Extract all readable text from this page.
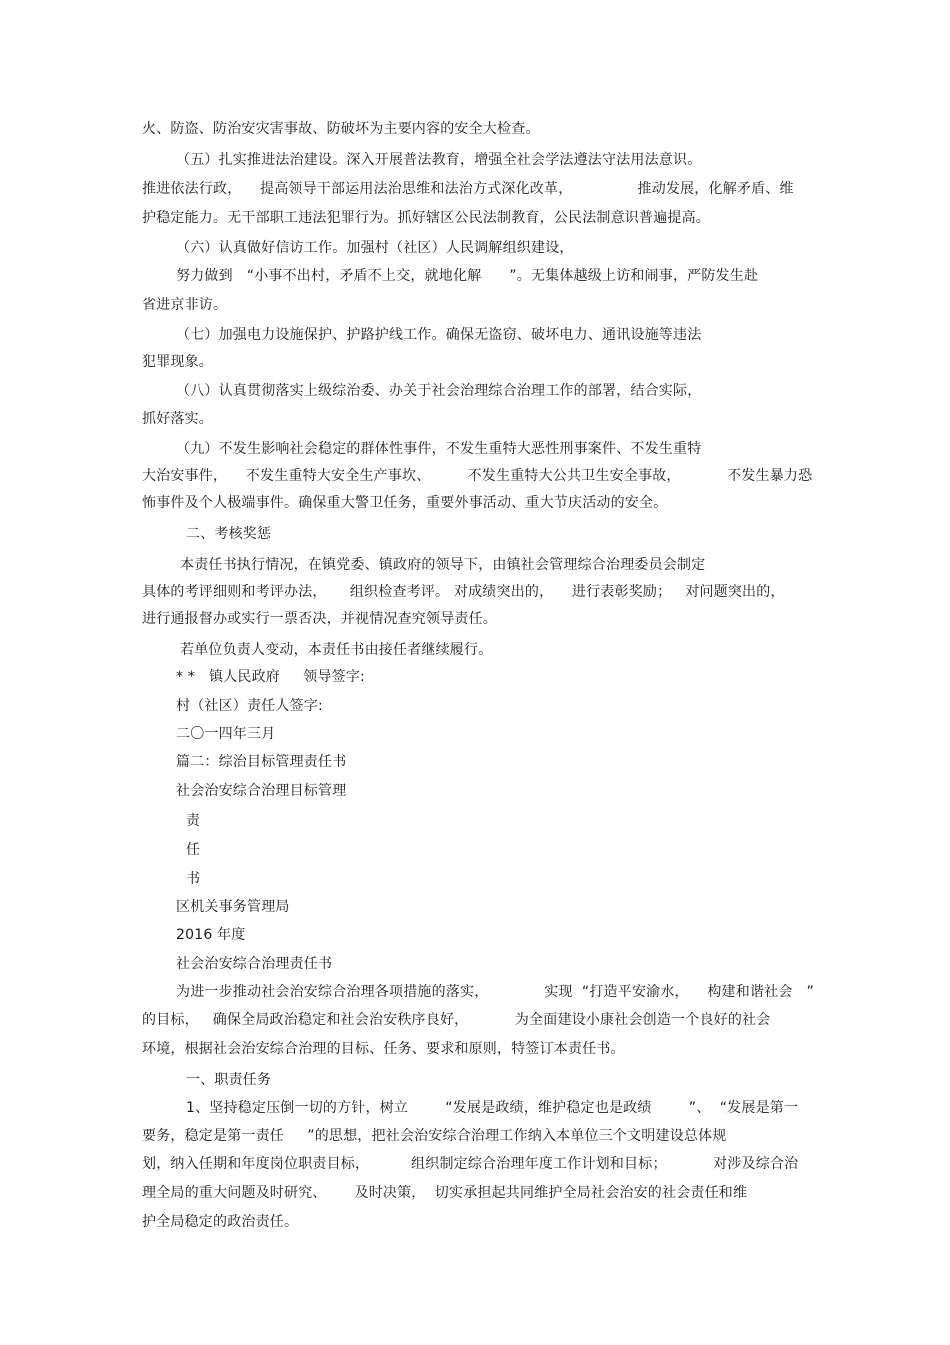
火、防盗、防治安灾害事故、防破坏为主要内容的安全大检查。
（五）扎实推进法治建设。深入开展普法教育，增强全社会学法遵法守法用法意识。
推进依法行政，    提高领导干部运用法治思维和法治方式深化改革，              推动发展，化解矛盾、维
护稳定能力。无干部职工违法犯罪行为。抓好辖区公民法制教育，公民法制意识普遍提高。
（六）认真做好信访工作。加强村（社区）人民调解组织建设，
努力做到   “小事不出村，矛盾不上交，就地化解      ”。无集体越级上访和闹事，严防发生赴
省进京非访。
（七）加强电力设施保护、护路护线工作。确保无盗窃、破坏电力、通讯设施等违法
犯罪现象。
（八）认真贯彻落实上级综治委、办关于社会治理综合治理工作的部署，结合实际，
抓好落实。
（九）不发生影响社会稳定的群体性事件，不发生重特大恶性刑事案件、不发生重特
大治安事件，    不发生重特大安全生产事坎、        不发生重特大公共卫生安全事故，          不发生暴力恐
怖事件及个人极端事件。确保重大警卫任务，重要外事活动、重大节庆活动的安全。
二、考核奖惩
本责任书执行情况，在镇党委、镇政府的领导下，由镇社会管理综合治理委员会制定
具体的考评细则和考评办法，     组织检查考评。 对成绩突出的，    进行表彰奖励；   对问题突出的，
进行通报督办或实行一票否决，并视情况查究领导责任。
若单位负责人变动，本责任书由接任者继续履行。
* *   镇人民政府     领导签字:
村（社区）责任人签字:
二〇一四年三月
篇二：综治目标管理责任书
社会治安综合治理目标管理
责
任
书
区机关事务管理局
2016 年度
社会治安综合治理责任书
为进一步推动社会治安综合治理各项措施的落实，            实现  “打造平安渝水，    构建和谐社会   ”
的目标，   确保全局政治稳定和社会治安秩序良好，          为全面建设小康社会创造一个良好的社会
环境，根据社会治安综合治理的目标、任务、要求和原则，特签订本责任书。
一、职责任务
1、坚持稳定压倒一切的方针，树立        “发展是政绩，维护稳定也是政绩        ”、  “发展是第一
要务，稳定是第一责任     ”的思想，把社会治安综合治理工作纳入本单位三个文明建设总体规
划，纳入任期和年度岗位职责目标，         组织制定综合治理年度工作计划和目标；          对涉及综合治
理全局的重大问题及时研究、      及时决策，  切实承担起共同维护全局社会治安的社会责任和维
护全局稳定的政治责任。
